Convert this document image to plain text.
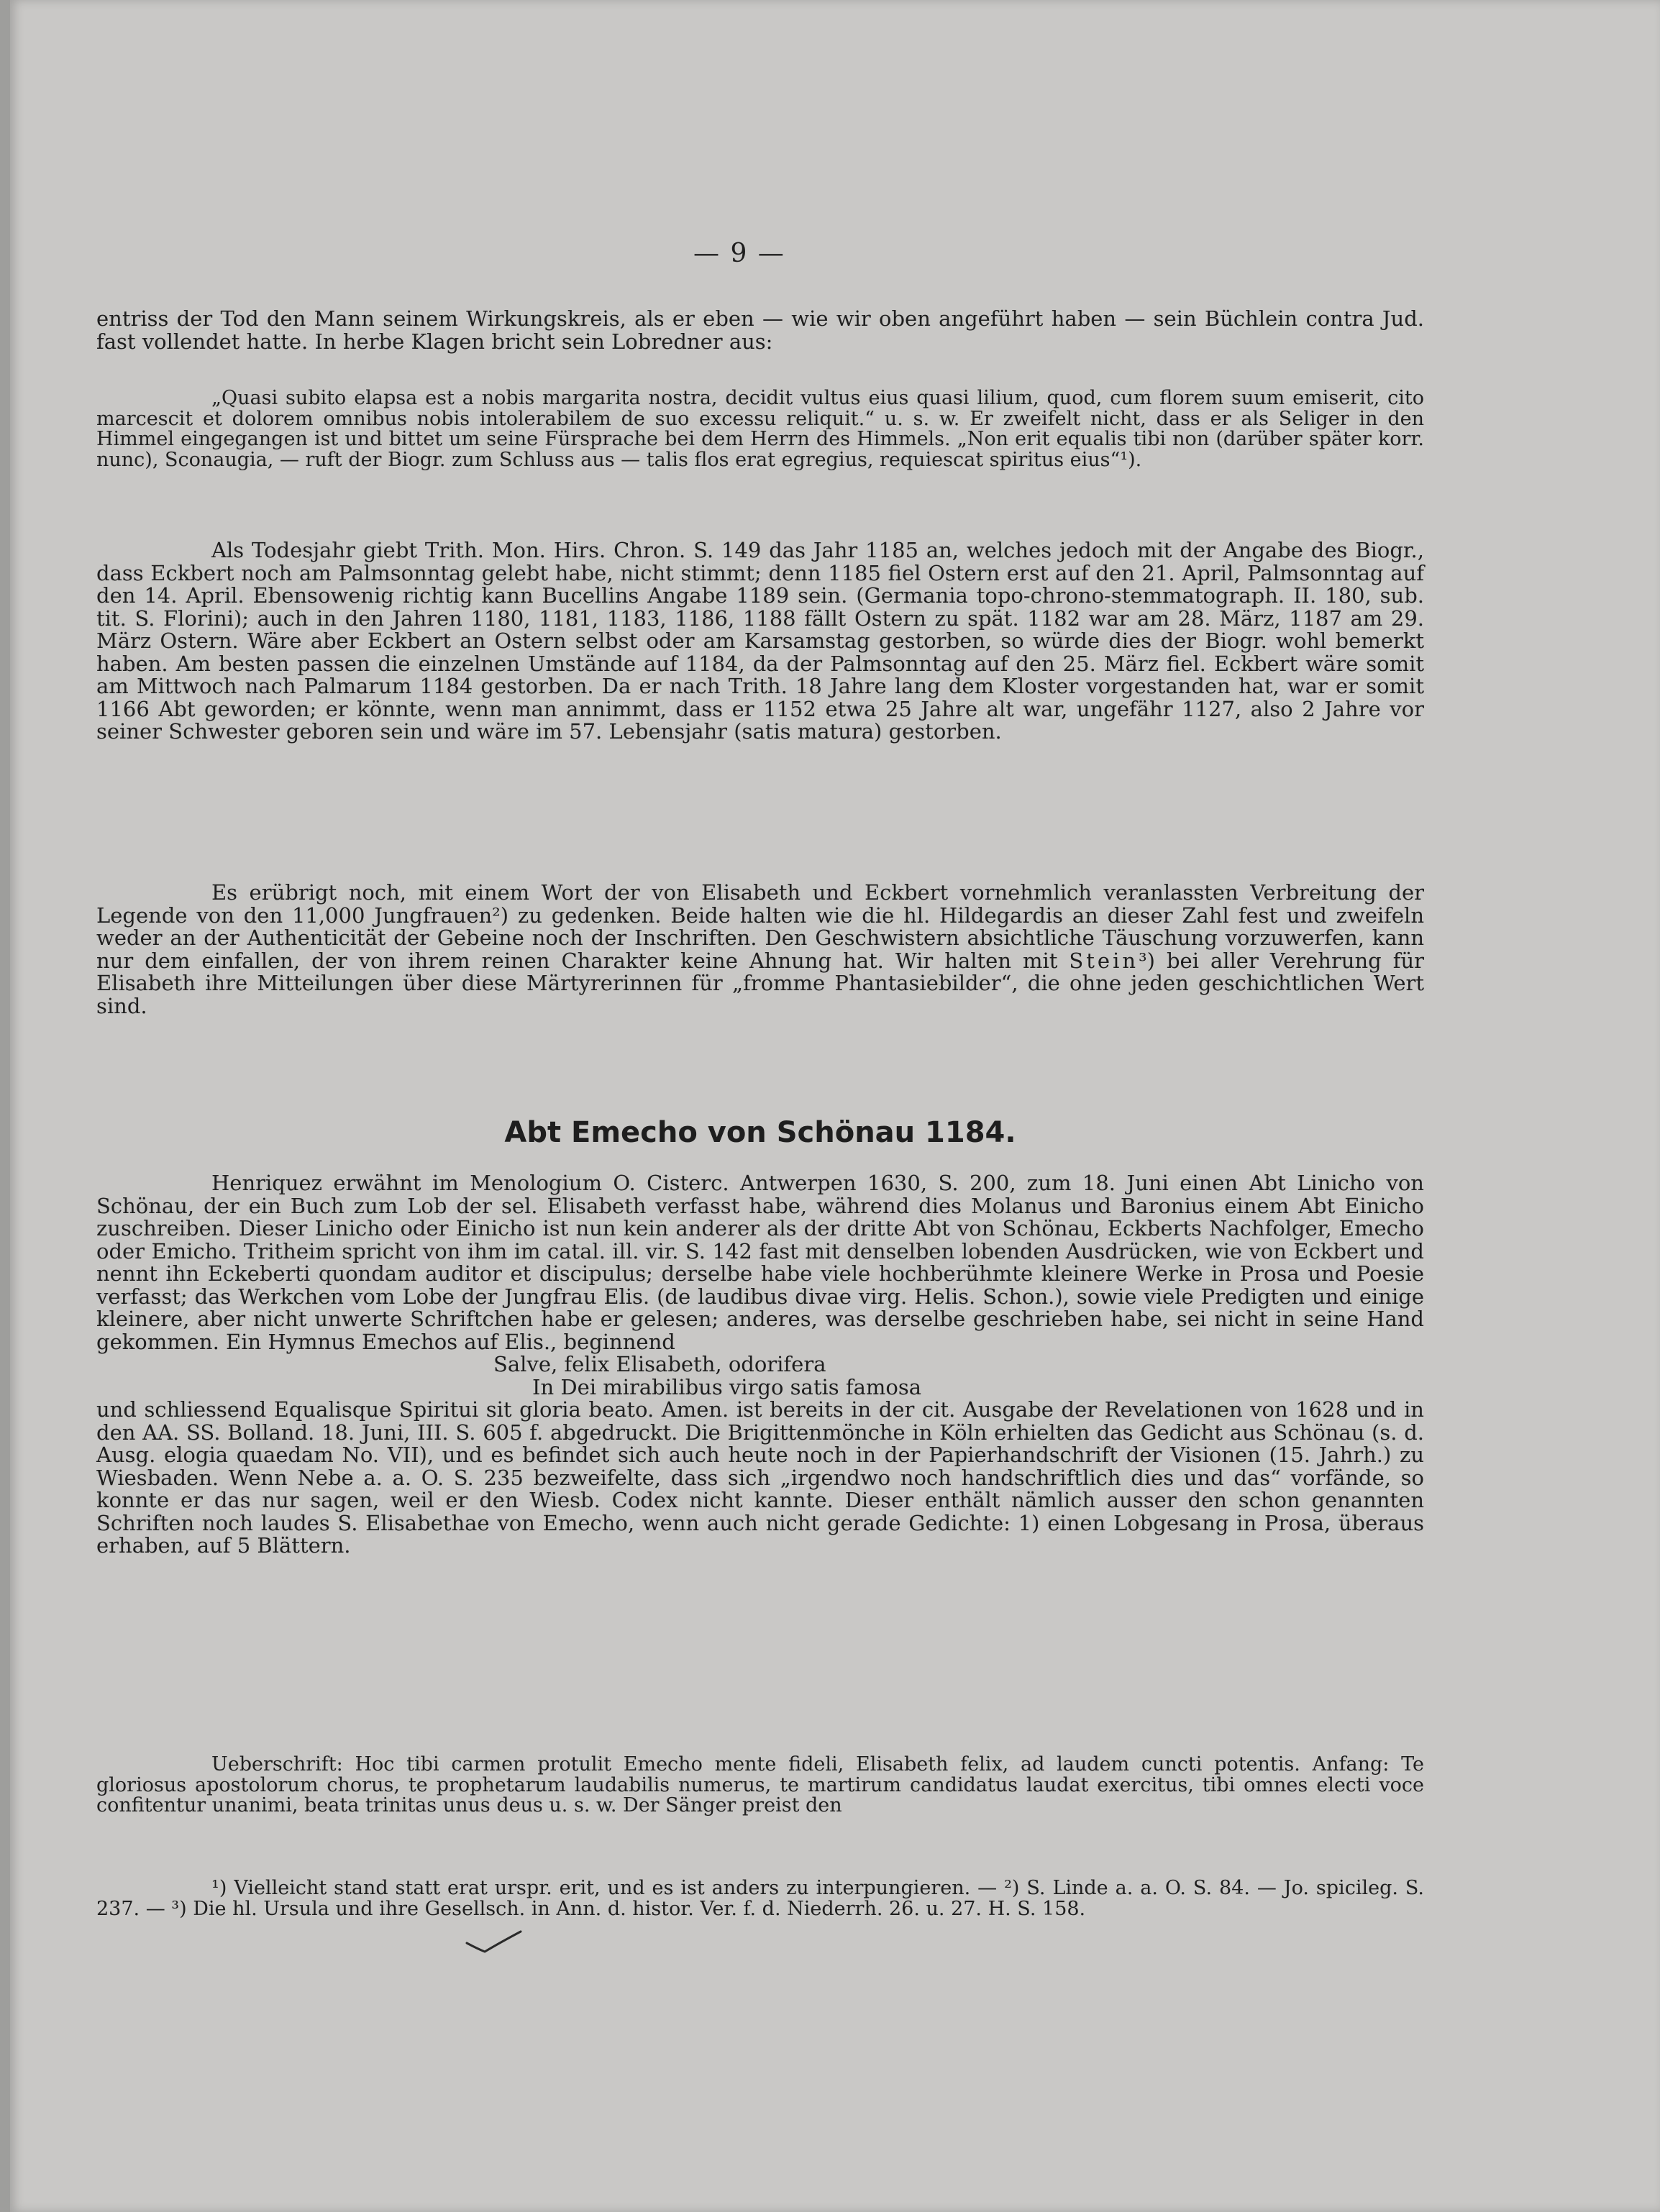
— 9 —

entriss der Tod den Mann seinem Wirkungskreis, als er eben — wie wir oben angeführt haben — sein Büchlein contra Jud. fast vollendet hatte. In herbe Klagen bricht sein Lobredner aus:

„Quasi subito elapsa est a nobis margarita nostra, decidit vultus eius quasi lilium, quod, cum florem suum emiserit, cito marcescit et dolorem omnibus nobis intolerabilem de suo excessu reliquit.“ u. s. w. Er zweifelt nicht, dass er als Seliger in den Himmel eingegangen ist und bittet um seine Fürsprache bei dem Herrn des Himmels. „Non erit equalis tibi non (darüber später korr. nunc), Sconaugia, — ruft der Biogr. zum Schluss aus — talis flos erat egregius, requiescat spiritus eius“¹).

Als Todesjahr giebt Trith. Mon. Hirs. Chron. S. 149 das Jahr 1185 an, welches jedoch mit der Angabe des Biogr., dass Eckbert noch am Palmsonntag gelebt habe, nicht stimmt; denn 1185 fiel Ostern erst auf den 21. April, Palmsonntag auf den 14. April. Ebensowenig richtig kann Bucellins Angabe 1189 sein. (Germania topo-chrono-stemmatograph. II. 180, sub. tit. S. Florini); auch in den Jahren 1180, 1181, 1183, 1186, 1188 fällt Ostern zu spät. 1182 war am 28. März, 1187 am 29. März Ostern. Wäre aber Eckbert an Ostern selbst oder am Karsamstag gestorben, so würde dies der Biogr. wohl bemerkt haben. Am besten passen die einzelnen Umstände auf 1184, da der Palmsonntag auf den 25. März fiel. Eckbert wäre somit am Mittwoch nach Palmarum 1184 gestorben. Da er nach Trith. 18 Jahre lang dem Kloster vorgestanden hat, war er somit 1166 Abt geworden; er könnte, wenn man annimmt, dass er 1152 etwa 25 Jahre alt war, ungefähr 1127, also 2 Jahre vor seiner Schwester geboren sein und wäre im 57. Lebensjahr (satis matura) gestorben.

Es erübrigt noch, mit einem Wort der von Elisabeth und Eckbert vornehmlich veranlassten Verbreitung der Legende von den 11,000 Jungfrauen²) zu gedenken. Beide halten wie die hl. Hildegardis an dieser Zahl fest und zweifeln weder an der Authenticität der Gebeine noch der Inschriften. Den Geschwistern absichtliche Täuschung vorzuwerfen, kann nur dem einfallen, der von ihrem reinen Charakter keine Ahnung hat. Wir halten mit Stein³) bei aller Verehrung für Elisabeth ihre Mitteilungen über diese Märtyrerinnen für „fromme Phantasiebilder“, die ohne jeden geschichtlichen Wert sind.

Abt Emecho von Schönau 1184.

Henriquez erwähnt im Menologium O. Cisterc. Antwerpen 1630, S. 200, zum 18. Juni einen Abt Linicho von Schönau, der ein Buch zum Lob der sel. Elisabeth verfasst habe, während dies Molanus und Baronius einem Abt Einicho zuschreiben. Dieser Linicho oder Einicho ist nun kein anderer als der dritte Abt von Schönau, Eckberts Nachfolger, Emecho oder Emicho. Tritheim spricht von ihm im catal. ill. vir. S. 142 fast mit denselben lobenden Ausdrücken, wie von Eckbert und nennt ihn Eckeberti quondam auditor et discipulus; derselbe habe viele hochberühmte kleinere Werke in Prosa und Poesie verfasst; das Werkchen vom Lobe der Jungfrau Elis. (de laudibus divae virg. Helis. Schon.), sowie viele Predigten und einige kleinere, aber nicht unwerte Schriftchen habe er gelesen; anderes, was derselbe geschrieben habe, sei nicht in seine Hand gekommen. Ein Hymnus Emechos auf Elis., beginnend

Salve, felix Elisabeth, odorifera

In Dei mirabilibus virgo satis famosa

und schliessend Equalisque Spiritui sit gloria beato. Amen. ist bereits in der cit. Ausgabe der Revelationen von 1628 und in den AA. SS. Bolland. 18. Juni, III. S. 605 f. abgedruckt. Die Brigittenmönche in Köln erhielten das Gedicht aus Schönau (s. d. Ausg. elogia quaedam No. VII), und es befindet sich auch heute noch in der Papierhandschrift der Visionen (15. Jahrh.) zu Wiesbaden. Wenn Nebe a. a. O. S. 235 bezweifelte, dass sich „irgendwo noch handschriftlich dies und das“ vorfände, so konnte er das nur sagen, weil er den Wiesb. Codex nicht kannte. Dieser enthält nämlich ausser den schon genannten Schriften noch laudes S. Elisabethae von Emecho, wenn auch nicht gerade Gedichte: 1) einen Lobgesang in Prosa, überaus erhaben, auf 5 Blättern.

Ueberschrift: Hoc tibi carmen protulit Emecho mente fideli, Elisabeth felix, ad laudem cuncti potentis. Anfang: Te gloriosus apostolorum chorus, te prophetarum laudabilis numerus, te martirum candidatus laudat exercitus, tibi omnes electi voce confitentur unanimi, beata trinitas unus deus u. s. w. Der Sänger preist den

¹) Vielleicht stand statt erat urspr. erit, und es ist anders zu interpungieren. — ²) S. Linde a. a. O. S. 84. — Jo. spicileg. S. 237. — ³) Die hl. Ursula und ihre Gesellsch. in Ann. d. histor. Ver. f. d. Niederrh. 26. u. 27. H. S. 158.
